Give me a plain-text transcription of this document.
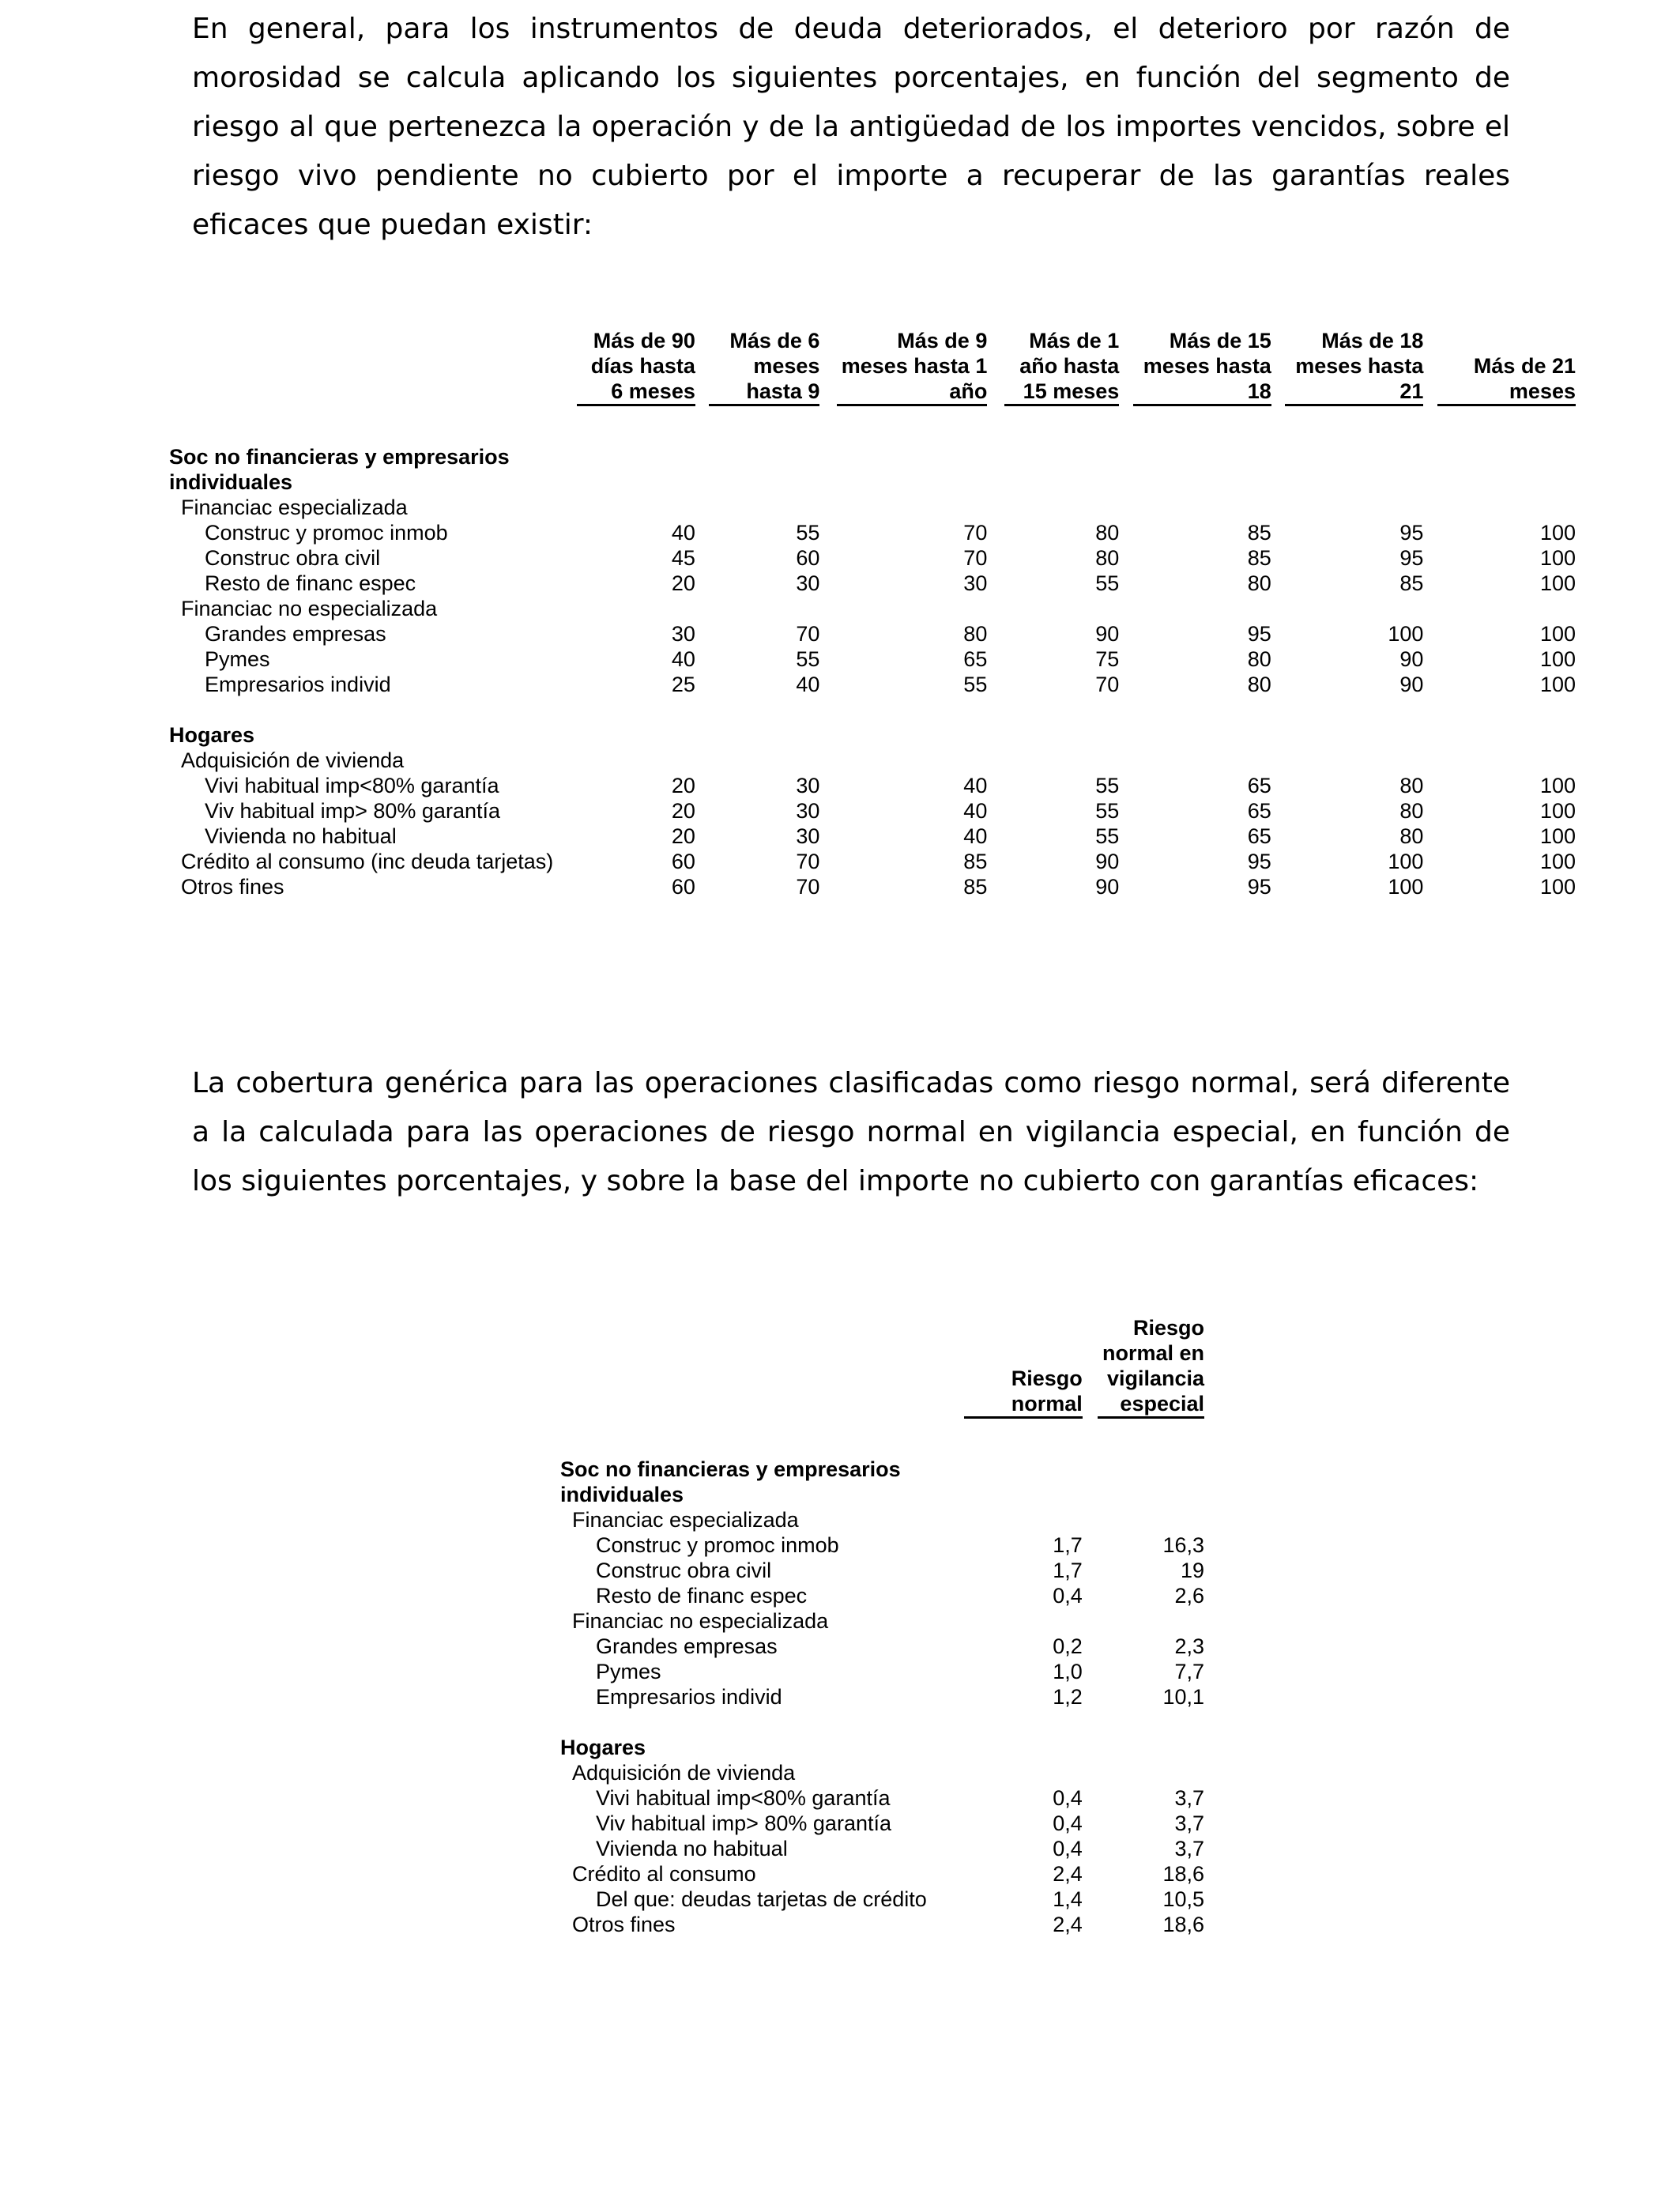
En general, para los instrumentos de deuda deteriorados, el deterioro por razón de morosidad se calcula aplicando los siguientes porcentajes, en función del segmento de riesgo al que pertenezca la operación y de la antigüedad de los importes vencidos, sobre el riesgo vivo pendiente no cubierto por el importe a recuperar de las garantías reales eficaces que puedan existir:

	Más de 90 días hasta 6 meses	Más de 6 meses hasta 9	Más de 9 meses hasta 1 año	Más de 1 año hasta 15 meses	Más de 15 meses hasta 18	Más de 18 meses hasta 21	Más de 21 meses

Soc no financieras y empresarios individuales							
Financiac especializada							
Construc y promoc inmob	40	55	70	80	85	95	100
Construc obra civil	45	60	70	80	85	95	100
Resto de financ espec	20	30	30	55	80	85	100
Financiac no especializada							
Grandes empresas	30	70	80	90	95	100	100
Pymes	40	55	65	75	80	90	100
Empresarios individ	25	40	55	70	80	90	100

Hogares							
Adquisición de vivienda							
Vivi habitual imp<80% garantía	20	30	40	55	65	80	100
Viv habitual imp> 80% garantía	20	30	40	55	65	80	100
Vivienda no habitual	20	30	40	55	65	80	100
Crédito al consumo (inc deuda tarjetas)	60	70	85	90	95	100	100
Otros fines	60	70	85	90	95	100	100

La cobertura genérica para las operaciones clasificadas como riesgo normal, será diferente a la calculada para las operaciones de riesgo normal en vigilancia especial, en función de los siguientes porcentajes, y sobre la base del importe no cubierto con garantías eficaces:

	Riesgo normal	Riesgo normal en vigilancia especial

Soc no financieras y empresarios individuales		
Financiac especializada		
Construc y promoc inmob	1,7	16,3
Construc obra civil	1,7	19
Resto de financ espec	0,4	2,6
Financiac no especializada		
Grandes empresas	0,2	2,3
Pymes	1,0	7,7
Empresarios individ	1,2	10,1

Hogares		
Adquisición de vivienda		
Vivi habitual imp<80% garantía	0,4	3,7
Viv habitual imp> 80% garantía	0,4	3,7
Vivienda no habitual	0,4	3,7
Crédito al consumo	2,4	18,6
Del que: deudas tarjetas de crédito	1,4	10,5
Otros fines	2,4	18,6
